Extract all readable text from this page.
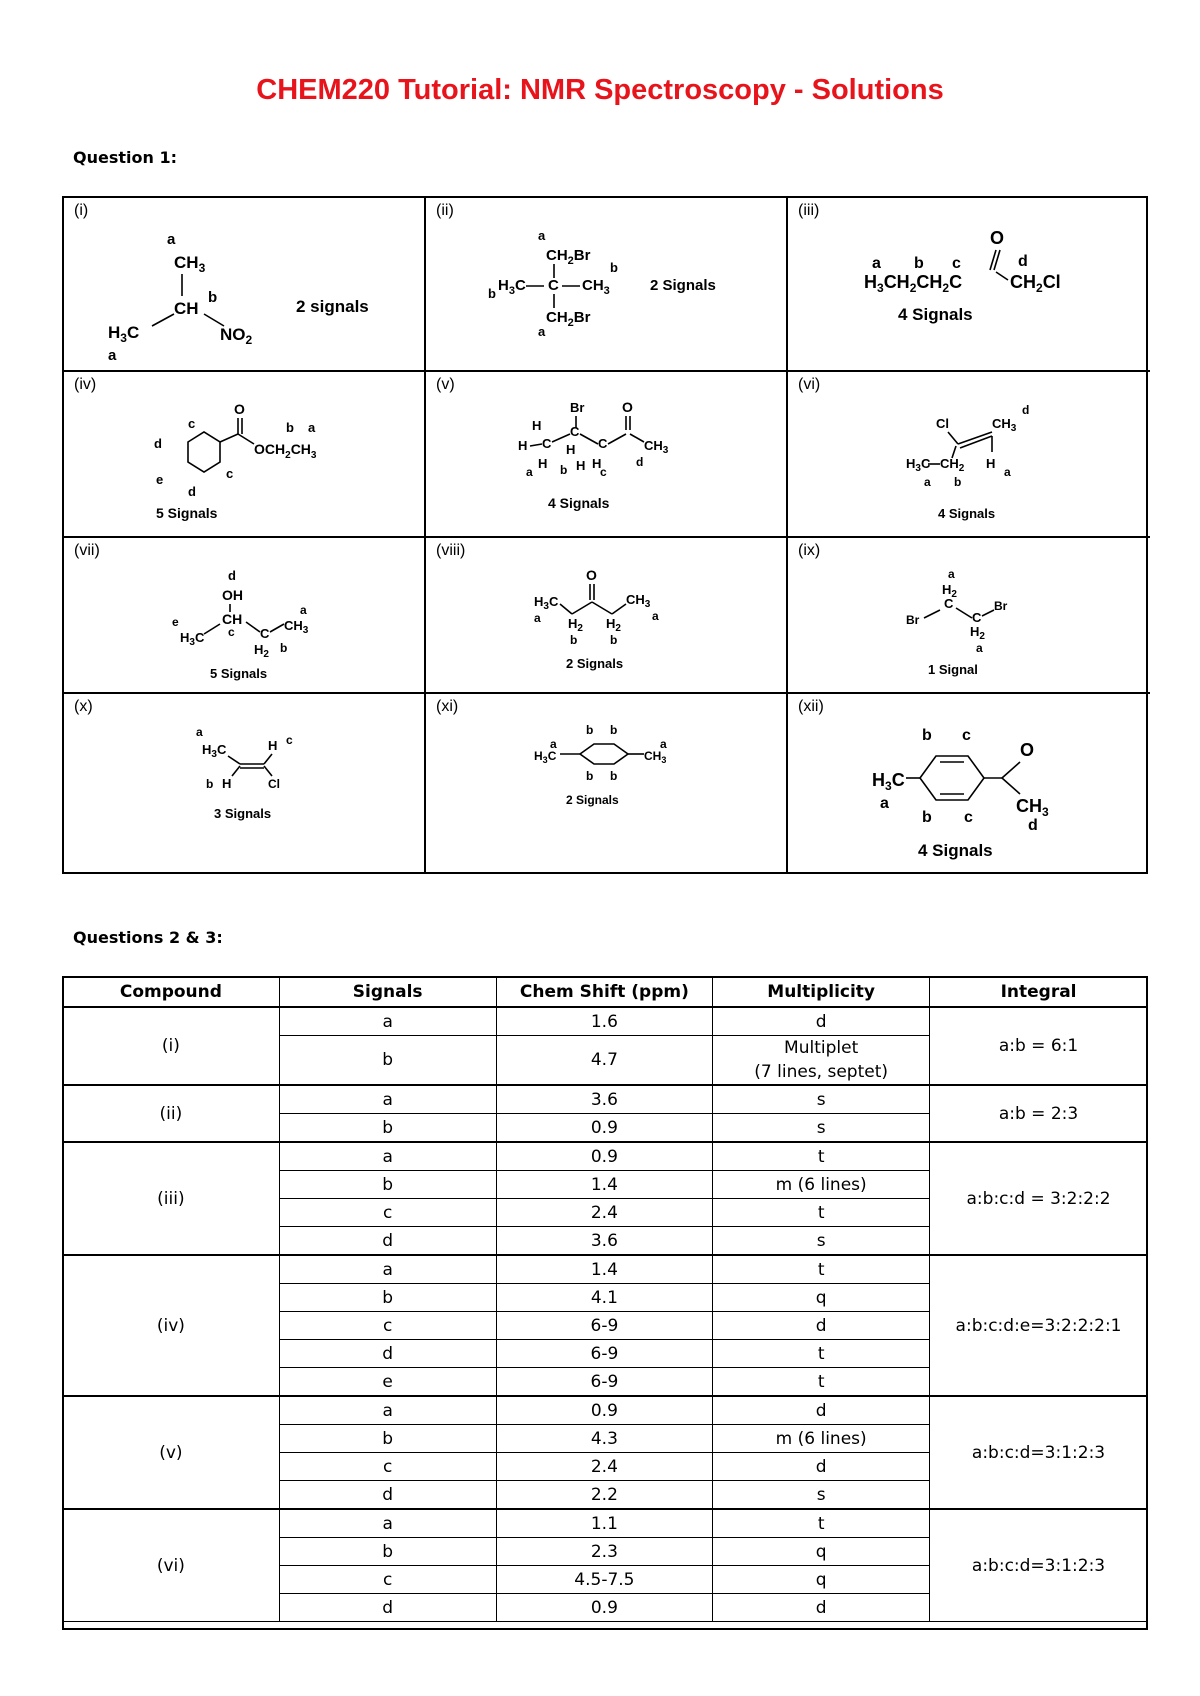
CHEM220 Tutorial: NMR Spectroscopy - Solutions
Question 1:
(i)
a
$CH_3$
CH
b
$H_3C$	$NO_2$
a
2 signals
(ii)
a
$CH_2Br$
b
b $H_3C$ C $CH_3$
$CH_2Br$
a
2 Signals
(iii)
O
a b c	d
$H_3CH_2CH_2C$	$CH_2Cl$
4 Signals
(iv)
O
c	b a
$OCH_2CH_3$
d
e	c
d
5 Signals
(v)
Br	O
H
H C
C
H C	$CH_3$
H
a b H H
c
d
4 Signals
(vi)
d
Cl	$CH_3$
$H_3C$ $CH_2$ H
a
a b
4 Signals
(vii)
d
OH
CH
a
$CH_3$
e
$H_3C$ c C
$H_2$ b
5 Signals
(viii)
O
$H_3C$	$CH_3$
a	a
$H_2$ $H_2$
b	b
2 Signals
(ix)
a
$H_2$
C
Br	C
Br
$H_2$
a
1 Signal
(x)
a
$H_3C$	H c
b H	Cl
3 Signals
(xi)
b b
a	a
$H_3C$	$CH_3$
b b
2 Signals
(xii)
b c
O
$H_3C$
a	$CH_3$
b c	d
4 Signals
Questions 2 & 3:
Compound	Signals	Chem Shift (ppm)	Multiplicity	Integral
(i)	a	1.6	d	a:b = 6:1
	b	4.7	Multiplet
(7 lines, septet)	

(ii)	a	3.6	s	a:b = 2:3
	b	0.9	s	
(iii)	a	0.9	t	a:b:c:d = 3:2:2:2
	b	1.4	m (6 lines)	
	c	2.4	t	
	d	3.6	s	
(iv)	a	1.4	t	a:b:c:d:e=3:2:2:2:1
	b	4.1	q	
	c	6-9	d	
	d	6-9	t	
	e	6-9	t	
(v)	a	0.9	d	a:b:c:d=3:1:2:3
	b	4.3	m (6 lines)	
	c	2.4	d	
	d	2.2	s	
(vi)	a	1.1	t	a:b:c:d=3:1:2:3
	b	2.3	q	
	c	4.5-7.5	q	
	d	0.9	d	
